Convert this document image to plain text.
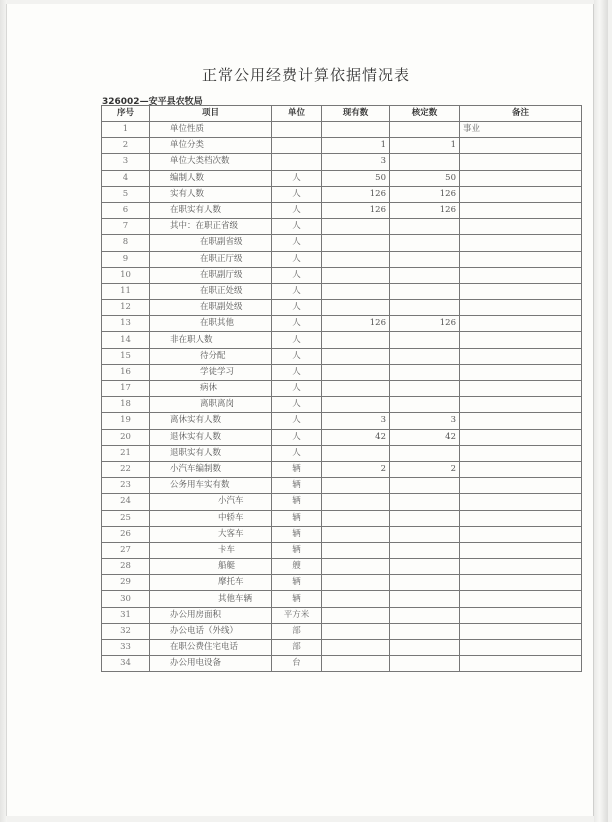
正常公用经费计算依据情况表
326002—安平县农牧局
序号	项目	单位	现有数	核定数	备注
1	单位性质				事业
2	单位分类		1	1	
3	单位大类档次数		3		
4	编制人数	人	50	50	
5	实有人数	人	126	126	
6	在职实有人数	人	126	126	
7	其中：在职正省级	人			
8	在职副省级	人			
9	在职正厅级	人			
10	在职副厅级	人			
11	在职正处级	人			
12	在职副处级	人			
13	在职其他	人	126	126	
14	非在职人数	人			
15	待分配	人			
16	学徒学习	人			
17	病休	人			
18	离职离岗	人			
19	离休实有人数	人	3	3	
20	退休实有人数	人	42	42	
21	退职实有人数	人			
22	小汽车编制数	辆	2	2	
23	公务用车实有数	辆			
24	小汽车	辆			
25	中轿车	辆			
26	大客车	辆			
27	卡车	辆			
28	船艇	艘			
29	摩托车	辆			
30	其他车辆	辆			
31	办公用房面积	平方米			
32	办公电话（外线）	部			
33	在职公费住宅电话	部			
34	办公用电设备	台			
